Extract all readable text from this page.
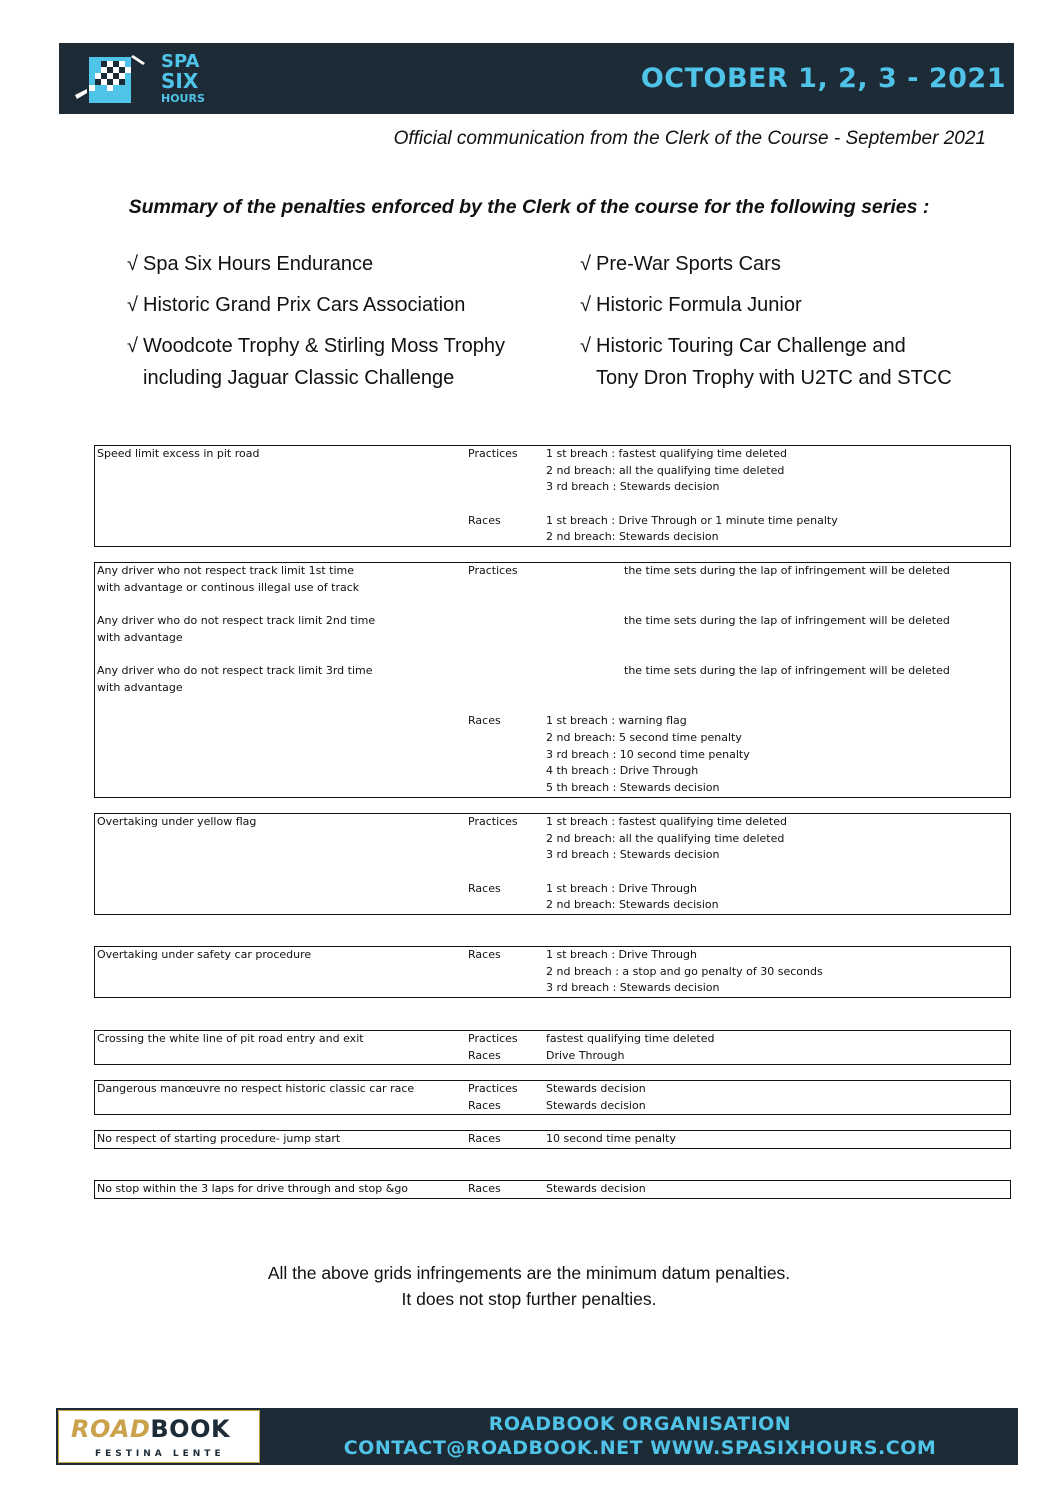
SPA
SIX
HOURS
OCTOBER 1, 2, 3 - 2021
Official communication from the Clerk of the Course - September 2021
Summary of the penalties enforced by the Clerk of the course for the following series :
√ Spa Six Hours Endurance
√ Historic Grand Prix Cars Association
√ Woodcote Trophy & Stirling Moss Trophy
including Jaguar Classic Challenge
√ Pre-War Sports Cars
√ Historic Formula Junior
√ Historic Touring Car Challenge and
Tony Dron Trophy with U2TC and STCC
Speed limit excess in pit road	Practices	1 st breach : fastest qualifying time deleted
2 nd breach: all the qualifying time deleted
3 rd breach : Stewards decision
Races	1 st breach : Drive Through or 1 minute time penalty
2 nd breach: Stewards decision
Any driver who not respect track limit 1st time	Practices	the time sets during the lap of infringement will be deleted
with advantage or continous illegal use of track
Any driver who do not respect track limit 2nd time	the time sets during the lap of infringement will be deleted
with advantage
Any driver who do not respect track limit 3rd time	the time sets during the lap of infringement will be deleted
with advantage
Races	1 st breach : warning flag
2 nd breach: 5 second time penalty
3 rd breach : 10 second time penalty
4 th breach : Drive Through
5 th breach : Stewards decision
Overtaking under yellow flag	Practices	1 st breach : fastest qualifying time deleted
2 nd breach: all the qualifying time deleted
3 rd breach : Stewards decision
Races	1 st breach : Drive Through
2 nd breach: Stewards decision
Overtaking under safety car procedure	Races	1 st breach : Drive Through
2 nd breach : a stop and go penalty of 30 seconds
3 rd breach : Stewards decision
Crossing the white line of pit road entry and exit	Practices	fastest qualifying time deleted
Races	Drive Through
Dangerous manœuvre no respect historic classic car race	Practices	Stewards decision
Races	Stewards decision
No respect of starting procedure- jump start	Races	10 second time penalty
No stop within the 3 laps for drive through and stop &go	Races	Stewards decision
All the above grids infringements are the minimum datum penalties.
It does not stop further penalties.
ROADBOOK
FESTINA LENTE
ROADBOOK ORGANISATION
CONTACT@ROADBOOK.NET WWW.SPASIXHOURS.COM
